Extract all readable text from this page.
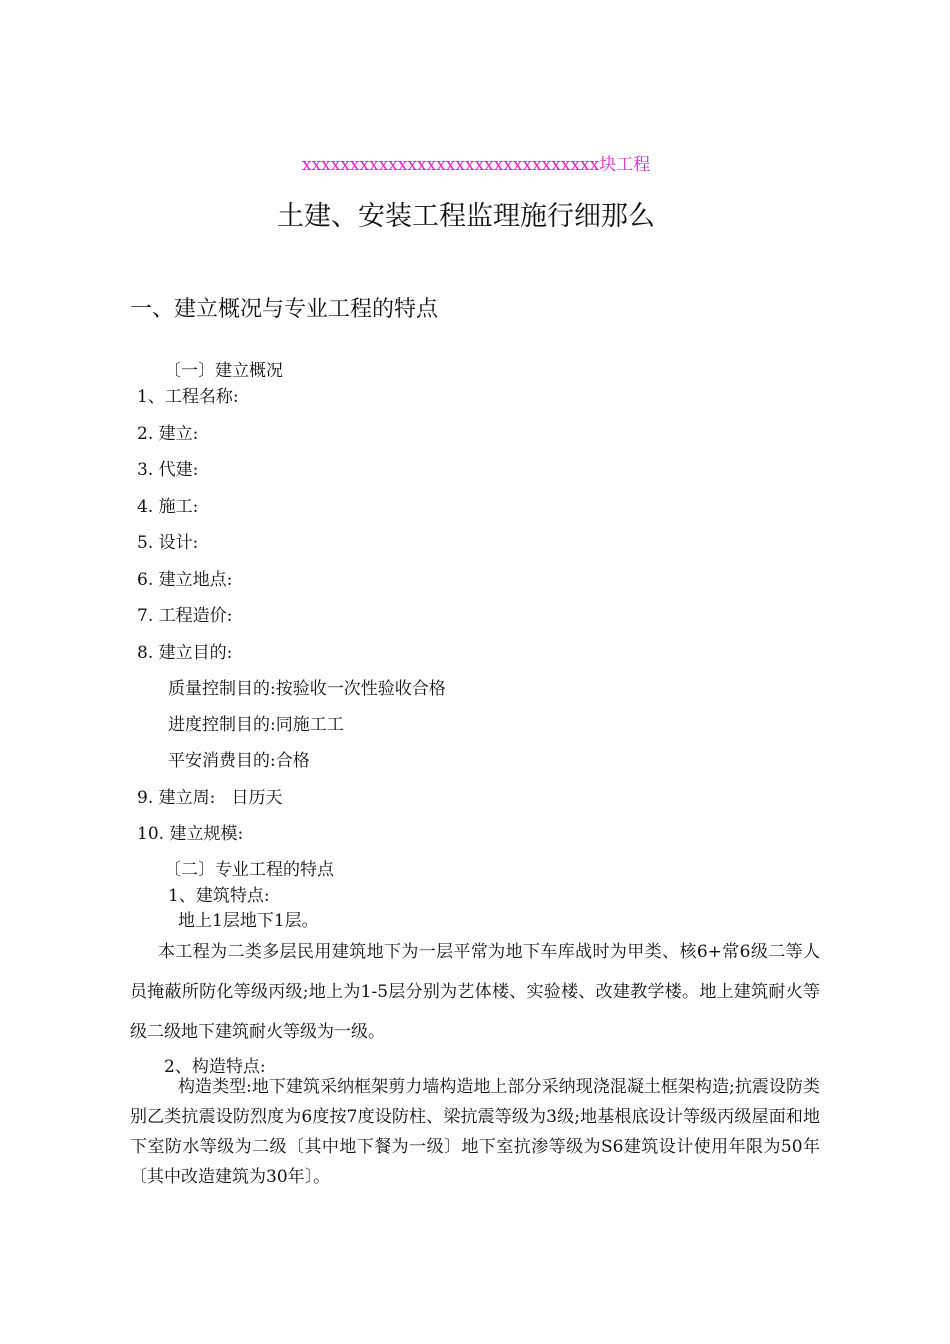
xxxxxxxxxxxxxxxxxxxxxxxxxxxxxxx块工程
土建、安装工程监理施行细那么
一、建立概况与专业工程的特点
〔一〕建立概况
1、工程名称:
2. 建立:
3. 代建:
4. 施工:
5. 设计:
6. 建立地点:
7. 工程造价:
8. 建立目的:
质量控制目的:按验收一次性验收合格
进度控制目的:同施工工
平安消费目的:合格
9. 建立周:   日历天
10. 建立规模:
〔二〕专业工程的特点
1、建筑特点:
地上1层地下1层。
本工程为二类多层民用建筑地下为一层平常为地下车库战时为甲类、核6+常6级二等人员掩蔽所防化等级丙级;地上为1-5层分别为艺体楼、实验楼、改建教学楼。地上建筑耐火等级二级地下建筑耐火等级为一级。
2、构造特点:
构造类型:地下建筑采纳框架剪力墙构造地上部分采纳现浇混凝土框架构造;抗震设防类别乙类抗震设防烈度为6度按7度设防柱、梁抗震等级为3级;地基根底设计等级丙级屋面和地下室防水等级为二级〔其中地下餐为一级〕地下室抗渗等级为S6建筑设计使用年限为50年〔其中改造建筑为30年〕。
